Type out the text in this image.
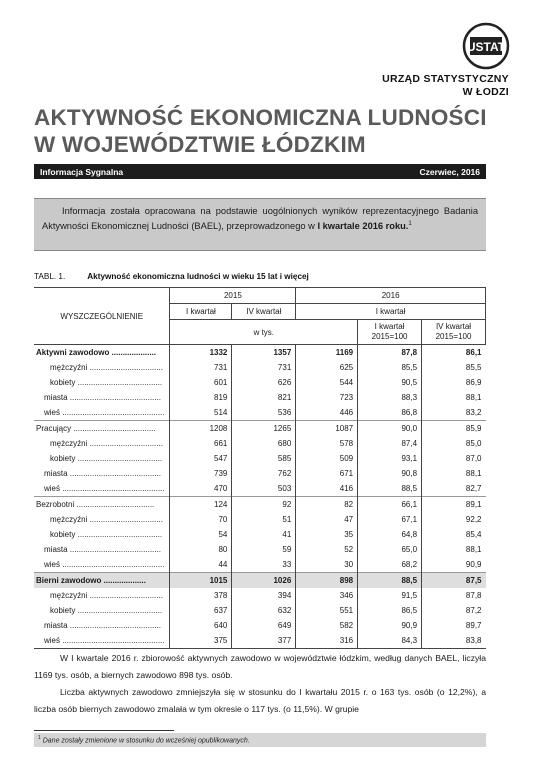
USTAT
URZĄD STATYSTYCZNY
W ŁODZI
AKTYWNOŚĆ EKONOMICZNA LUDNOŚCI
W WOJEWÓDZTWIE ŁÓDZKIM
Informacja Sygnalna	Czerwiec, 2016
Informacja została opracowana na podstawie uogólnionych wyników reprezentacyjnego Badania Aktywności Ekonomicznej Ludności (BAEL), przeprowadzonego w I kwartale 2016 roku.$^1$
TABL. 1.	Aktywność ekonomiczna ludności w wieku 15 lat i więcej
WYSZCZEGÓLNIENIE	2015		2016		
	I kwartał	IV kwartał	I kwartał		
	w tys.			I kwartał 2015=100	IV kwartał 2015=100
Aktywni zawodowo ....................	1332	1357	1169	87,8	86,1
mężczyźni .................................	731	731	625	85,5	85,5
kobiety ......................................	601	626	544	90,5	86,9
miasta .........................................	819	821	723	88,3	88,1
wieś ..............................................	514	536	446	86,8	83,2
Pracujący .....................................	1208	1265	1087	90,0	85,9
mężczyźni .................................	661	680	578	87,4	85,0
kobiety ......................................	547	585	509	93,1	87,0
miasta .........................................	739	762	671	90,8	88,1
wieś ..............................................	470	503	416	88,5	82,7
Bezrobotni ...................................	124	92	82	66,1	89,1
mężczyźni .................................	70	51	47	67,1	92,2
kobiety ......................................	54	41	35	64,8	85,4
miasta .........................................	80	59	52	65,0	88,1
wieś ..............................................	44	33	30	68,2	90,9
Bierni zawodowo ...................	1015	1026	898	88,5	87,5
mężczyźni .................................	378	394	346	91,5	87,8
kobiety ......................................	637	632	551	86,5	87,2
miasta .........................................	640	649	582	90,9	89,7
wieś ..............................................	375	377	316	84,3	83,8

W I kwartale 2016 r. zbiorowość aktywnych zawodowo w województwie łódzkim, według danych BAEL, liczyła 1169 tys. osób, a biernych zawodowo 898 tys. osób.

Liczba aktywnych zawodowo zmniejszyła się w stosunku do I kwartału 2015 r. o 163 tys. osób (o 12,2%), a liczba osób biernych zawodowo zmalała w tym okresie o 117 tys. (o 11,5%). W grupie

$^1$ Dane zostały zmienione w stosunku do wcześniej opublikowanych.
